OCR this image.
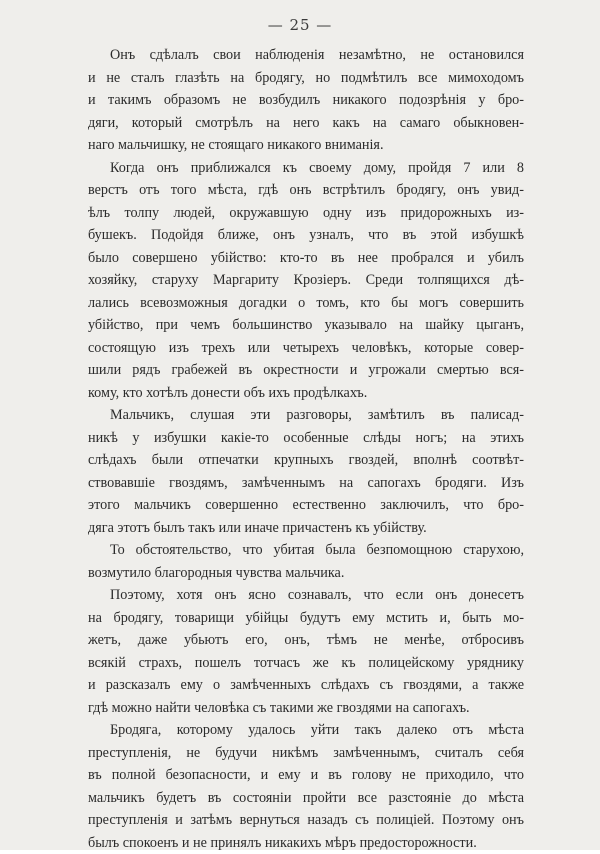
— 25 —
Онъ сдѣлалъ свои наблюденія незамѣтно, не остановился
и не сталъ глазѣть на бродягу, но подмѣтилъ все мимоходомъ
и такимъ образомъ не возбудилъ никакого подозрѣнія у бро-
дяги, который смотрѣлъ на него какъ на самаго обыкновен-
наго мальчишку, не стоящаго никакого вниманія.
Когда онъ приближался къ своему дому, пройдя 7 или 8
верстъ отъ того мѣста, гдѣ онъ встрѣтилъ бродягу, онъ увид-
ѣлъ толпу людей, окружавшую одну изъ придорожныхъ из-
бушекъ. Подойдя ближе, онъ узналъ, что въ этой избушкѣ
было совершено убійство: кто-то въ нее пробрался и убилъ
хозяйку, старуху Маргариту Крозіеръ. Среди толпящихся дѣ-
лались всевозможныя догадки о томъ, кто бы могъ совершить
убійство, при чемъ большинство указывало на шайку цыганъ,
состоящую изъ трехъ или четырехъ человѣкъ, которые совер-
шили рядъ грабежей въ окрестности и угрожали смертью вся-
кому, кто хотѣлъ донести объ ихъ продѣлкахъ.
Мальчикъ, слушая эти разговоры, замѣтилъ въ палисад-
никѣ у избушки какіе-то особенные слѣды ногъ; на этихъ
слѣдахъ были отпечатки крупныхъ гвоздей, вполнѣ соотвѣт-
ствовавшіе гвоздямъ, замѣченнымъ на сапогахъ бродяги. Изъ
этого мальчикъ совершенно естественно заключилъ, что бро-
дяга этотъ былъ такъ или иначе причастенъ къ убійству.
То обстоятельство, что убитая была безпомощною старухою,
возмутило благородныя чувства мальчика.
Поэтому, хотя онъ ясно сознавалъ, что если онъ донесетъ
на бродягу, товарищи убійцы будутъ ему мстить и, быть мо-
жетъ, даже убьютъ его, онъ, тѣмъ не менѣе, отбросивъ
всякій страхъ, пошелъ тотчасъ же къ полицейскому уряднику
и разсказалъ ему о замѣченныхъ слѣдахъ съ гвоздями, а также
гдѣ можно найти человѣка съ такими же гвоздями на сапогахъ.
Бродяга, которому удалось уйти такъ далеко отъ мѣста
преступленія, не будучи никѣмъ замѣченнымъ, считалъ себя
въ полной безопасности, и ему и въ голову не приходило, что
мальчикъ будетъ въ состояніи пройти все разстояніе до мѣста
преступленія и затѣмъ вернуться назадъ съ полиціей. Поэтому онъ
былъ спокоенъ и не принялъ никакихъ мѣръ предосторожности.
